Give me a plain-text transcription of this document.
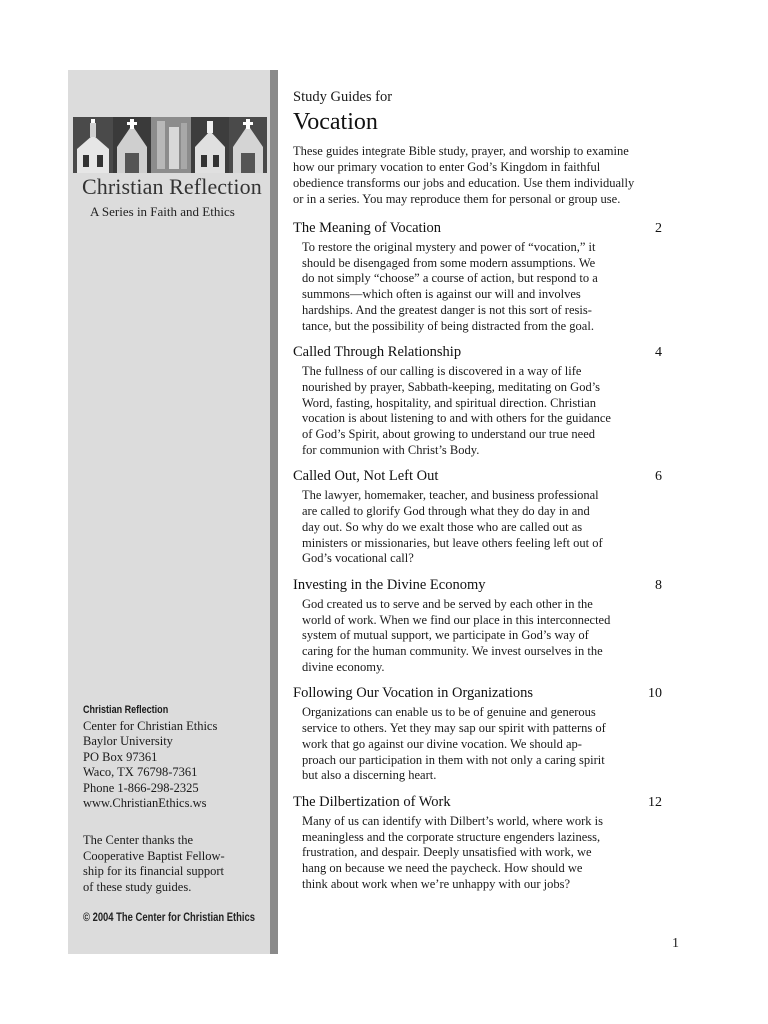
Christian Reflection
A Series in Faith and Ethics
Christian Reflection
Center for Christian Ethics
Baylor University
PO Box 97361
Waco, TX 76798-7361
Phone 1-866-298-2325
www.ChristianEthics.ws
The Center thanks the
Cooperative Baptist Fellow-
ship for its financial support
of these study guides.
© 2004 The Center for Christian Ethics

Study Guides for

Vocation

These guides integrate Bible study, prayer, and worship to examine
how our primary vocation to enter God’s Kingdom in faithful
obedience transforms our jobs and education. Use them individually
or in a series. You may reproduce them for personal or group use.

The Meaning of Vocation	2
To restore the original mystery and power of “vocation,” it
should be disengaged from some modern assumptions. We
do not simply “choose” a course of action, but respond to a
summons—which often is against our will and involves
hardships. And the greatest danger is not this sort of resis-
tance, but the possibility of being distracted from the goal.
Called Through Relationship	4
The fullness of our calling is discovered in a way of life
nourished by prayer, Sabbath-keeping, meditating on God’s
Word, fasting, hospitality, and spiritual direction. Christian
vocation is about listening to and with others for the guidance
of God’s Spirit, about growing to understand our true need
for communion with Christ’s Body.
Called Out, Not Left Out	6
The lawyer, homemaker, teacher, and business professional
are called to glorify God through what they do day in and
day out. So why do we exalt those who are called out as
ministers or missionaries, but leave others feeling left out of
God’s vocational call?
Investing in the Divine Economy	8
God created us to serve and be served by each other in the
world of work. When we find our place in this interconnected
system of mutual support, we participate in God’s way of
caring for the human community. We invest ourselves in the
divine economy.
Following Our Vocation in Organizations	10
Organizations can enable us to be of genuine and generous
service to others. Yet they may sap our spirit with patterns of
work that go against our divine vocation. We should ap-
proach our participation in them with not only a caring spirit
but also a discerning heart.
The Dilbertization of Work	12
Many of us can identify with Dilbert’s world, where work is
meaningless and the corporate structure engenders laziness,
frustration, and despair. Deeply unsatisfied with work, we
hang on because we need the paycheck. How should we
think about work when we’re unhappy with our jobs?
1
